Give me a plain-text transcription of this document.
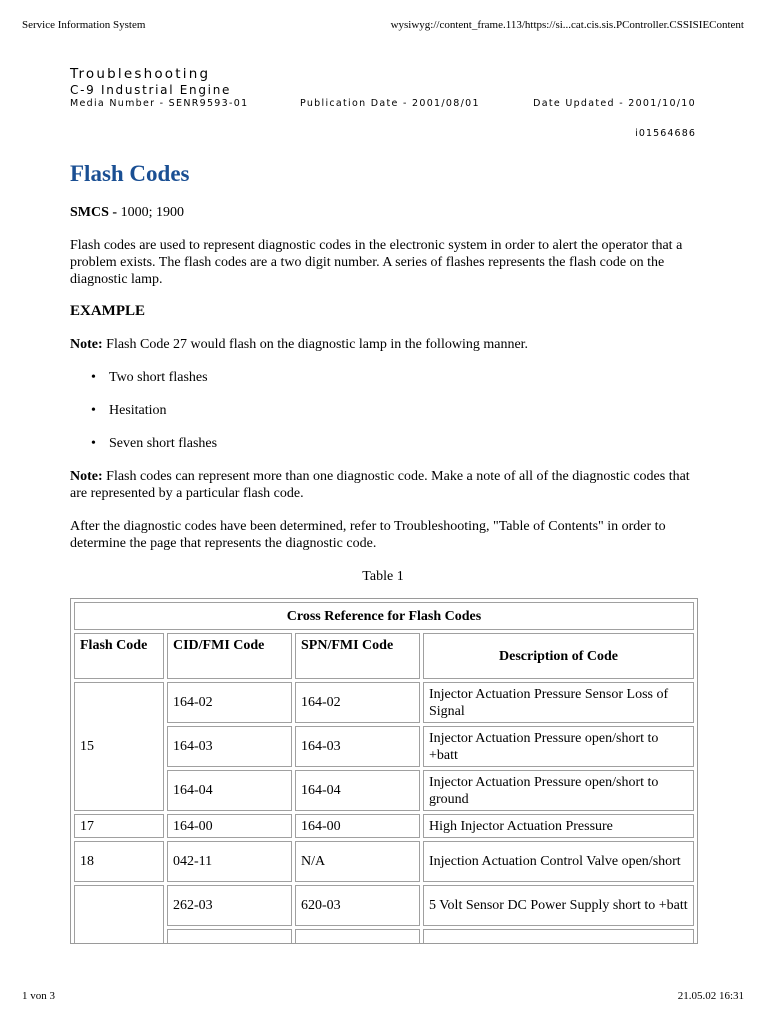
Service Information System	wysiwyg://content_frame.113/https://si...cat.cis.sis.PController.CSSISIEContent
Troubleshooting
C-9 Industrial Engine
Media Number - SENR9593-01	Publication Date - 2001/08/01	Date Updated - 2001/10/10
i01564686
Flash Codes

SMCS - 1000; 1900

Flash codes are used to represent diagnostic codes in the electronic system in order to alert the operator that a problem exists. The flash codes are a two digit number. A series of flashes represents the flash code on the diagnostic lamp.

EXAMPLE

Note: Flash Code 27 would flash on the diagnostic lamp in the following manner.

• Two short flashes
• Hesitation
• Seven short flashes

Note: Flash codes can represent more than one diagnostic code. Make a note of all of the diagnostic codes that are represented by a particular flash code.

After the diagnostic codes have been determined, refer to Troubleshooting, "Table of Contents" in order to determine the page that represents the diagnostic code.

Table 1

Cross Reference for Flash Codes			
Flash Code	CID/FMI Code	SPN/FMI Code	Description of Code
15	164-02	164-02	Injector Actuation Pressure Sensor Loss of Signal
	164-03	164-03	Injector Actuation Pressure open/short to +batt
	164-04	164-04	Injector Actuation Pressure open/short to ground
17	164-00	164-00	High Injector Actuation Pressure
18	042-11	N/A	Injection Actuation Control Valve open/short
	262-03	620-03	5 Volt Sensor DC Power Supply short to +batt

1 von 3	21.05.02 16:31
